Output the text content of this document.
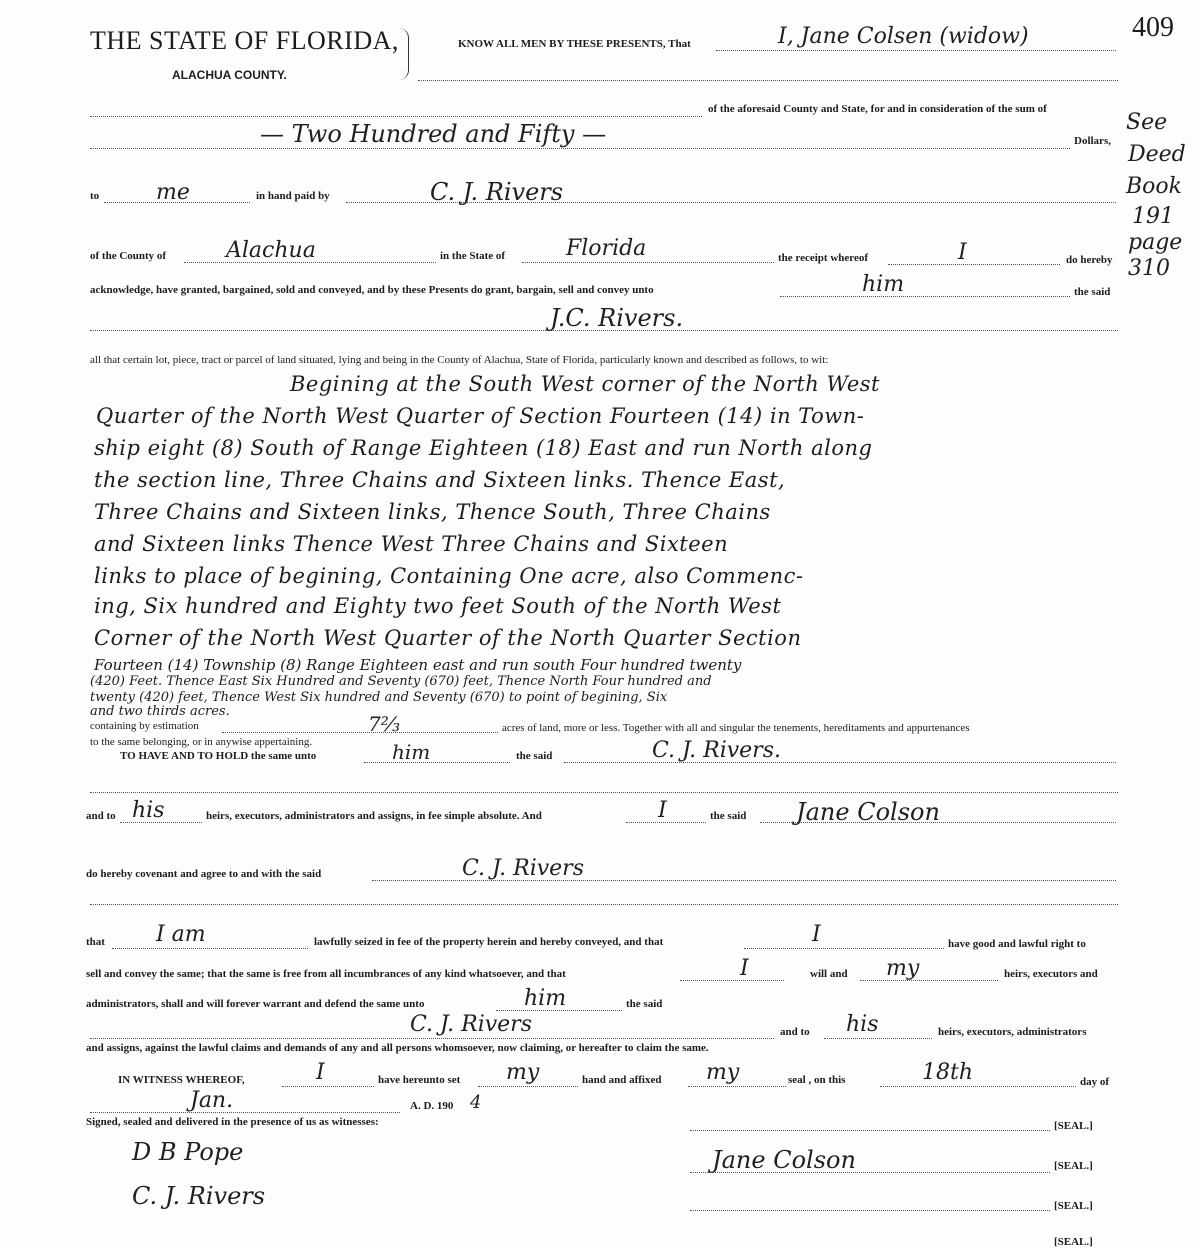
THE STATE OF FLORIDA,
ALACHUA COUNTY.
KNOW ALL MEN BY THESE PRESENTS, That	I, Jane Colsen (widow)	409
See
Deed
Book
191
page
310
of the aforesaid County and State, for and in consideration of the sum of
— Two Hundred and Fifty —	Dollars,
to	me	in hand paid by	C. J. Rivers
of the County of	Alachua	in the State of	Florida	the receipt whereof	I	do hereby
acknowledge, have granted, bargained, sold and conveyed, and by these Presents do grant, bargain, sell and convey unto	him	the said
J.C. Rivers.
all that certain lot, piece, tract or parcel of land situated, lying and being in the County of Alachua, State of Florida, particularly known and described as follows, to wit:
Begining at the South West corner of the North West
Quarter of the North West Quarter of Section Fourteen (14) in Town-
ship eight (8) South of Range Eighteen (18) East and run North along
the section line, Three Chains and Sixteen links. Thence East,
Three Chains and Sixteen links, Thence South, Three Chains
and Sixteen links Thence West Three Chains and Sixteen
links to place of begining, Containing One acre, also Commenc-
ing, Six hundred and Eighty two feet South of the North West
Corner of the North West Quarter of the North Quarter Section
Fourteen (14) Township (8) Range Eighteen east and run south Four hundred twenty
(420) Feet. Thence East Six Hundred and Seventy (670) feet, Thence North Four hundred and
twenty (420) feet, Thence West Six hundred and Seventy (670) to point of begining, Six
and two thirds acres.
containing by estimation	7⅔	acres of land, more or less. Together with all and singular the tenements, hereditaments and appurtenances
to the same belonging, or in anywise appertaining.
TO HAVE AND TO HOLD the same unto	him	the said	C. J. Rivers.
and to his	heirs, executors, administrators and assigns, in fee simple absolute. And	I	the said Jane Colson
do hereby covenant and agree to and with the said	C. J. Rivers
that I am	lawfully seized in fee of the property herein and hereby conveyed, and that	I	have good and lawful right to
sell and convey the same; that the same is free from all incumbrances of any kind whatsoever, and that	I	will and my	heirs, executors and
administrators, shall and will forever warrant and defend the same unto	him	the said
C. J. Rivers	and to his	heirs, executors, administrators
and assigns, against the lawful claims and demands of any and all persons whomsoever, now claiming, or hereafter to claim the same.
IN WITNESS WHEREOF,	I	have hereunto set my	hand and affixed my	seal , on this	18th	day of
Jan.	A. D. 190 4
Signed, sealed and delivered in the presence of us as witnesses:
D B Pope
C. J. Rivers
[SEAL.]
Jane Colson	[SEAL.]
[SEAL.]
[SEAL.]
